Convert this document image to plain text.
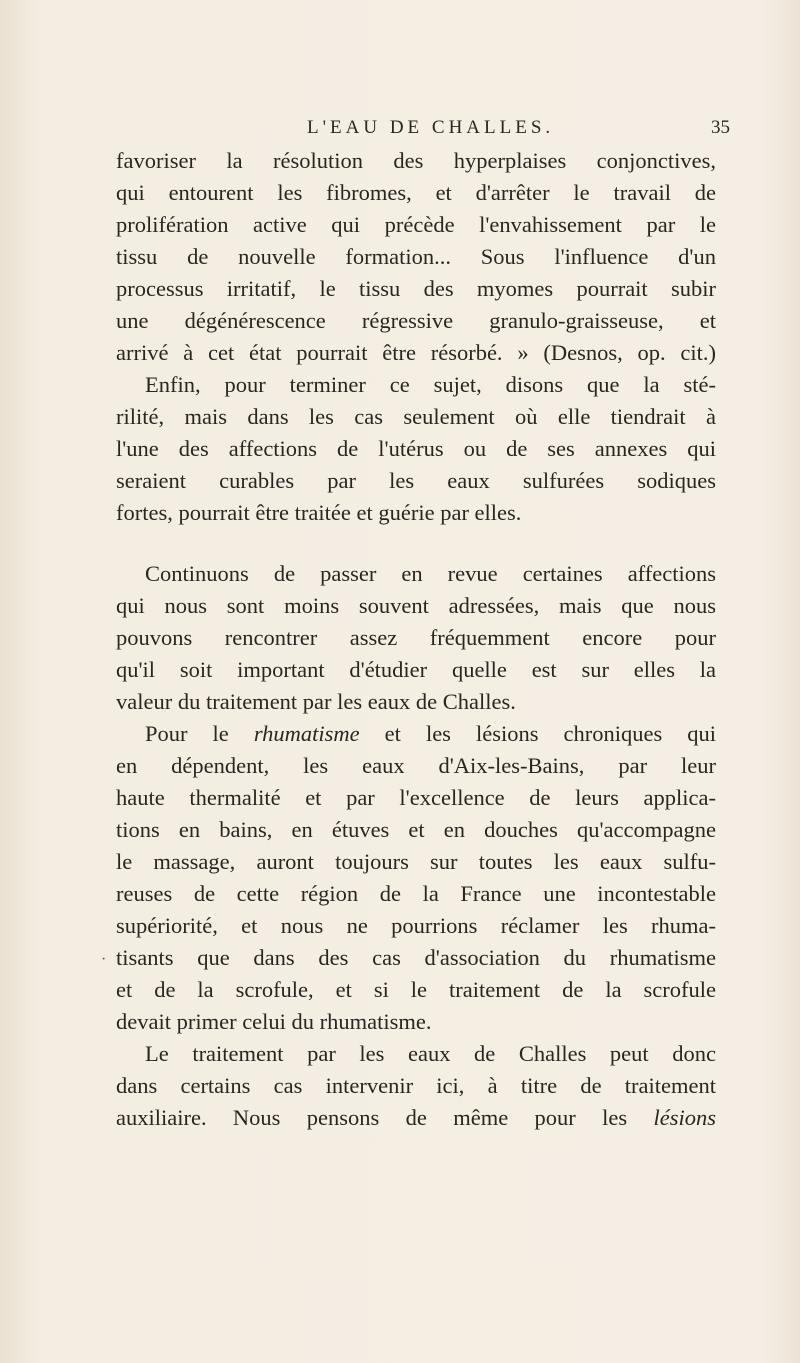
L'EAU DE CHALLES.	35
favoriser la résolution des hyperplaises conjonctives,
qui entourent les fibromes, et d'arrêter le travail de
prolifération active qui précède l'envahissement par le
tissu de nouvelle formation... Sous l'influence d'un
processus irritatif, le tissu des myomes pourrait subir
une dégénérescence régressive granulo-graisseuse, et
arrivé à cet état pourrait être résorbé. » (Desnos, op. cit.)
Enfin, pour terminer ce sujet, disons que la sté-
rilité, mais dans les cas seulement où elle tiendrait à
l'une des affections de l'utérus ou de ses annexes qui
seraient curables par les eaux sulfurées sodiques
fortes, pourrait être traitée et guérie par elles.
Continuons de passer en revue certaines affections
qui nous sont moins souvent adressées, mais que nous
pouvons rencontrer assez fréquemment encore pour
qu'il soit important d'étudier quelle est sur elles la
valeur du traitement par les eaux de Challes.
Pour le rhumatisme et les lésions chroniques qui
en dépendent, les eaux d'Aix-les-Bains, par leur
haute thermalité et par l'excellence de leurs applica-
tions en bains, en étuves et en douches qu'accompagne
le massage, auront toujours sur toutes les eaux sulfu-
reuses de cette région de la France une incontestable
supériorité, et nous ne pourrions réclamer les rhuma-
tisants que dans des cas d'association du rhumatisme
et de la scrofule, et si le traitement de la scrofule
devait primer celui du rhumatisme.
Le traitement par les eaux de Challes peut donc
dans certains cas intervenir ici, à titre de traitement
auxiliaire. Nous pensons de même pour les lésions
·
